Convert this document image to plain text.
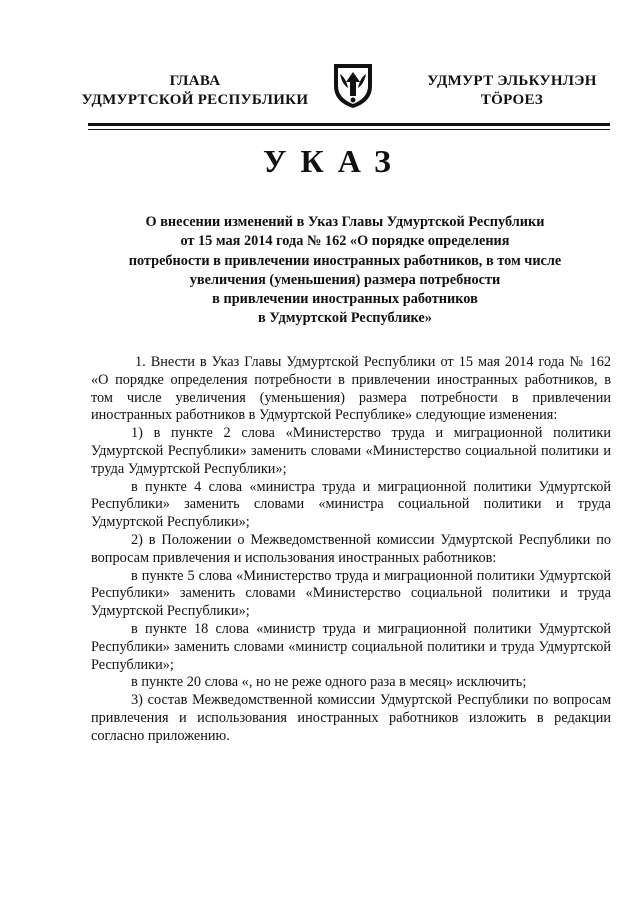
ГЛАВА
УДМУРТСКОЙ РЕСПУБЛИКИ
УДМУРТ ЭЛЬКУНЛЭН
ТӦРОЕЗ
УКАЗ
О внесении изменений в Указ Главы Удмуртской Республики
от 15 мая 2014 года № 162 «О порядке определения
потребности в привлечении иностранных работников, в том числе
увеличения (уменьшения) размера потребности
в привлечении иностранных работников
в Удмуртской Республике»

1. Внести в Указ Главы Удмуртской Республики от 15 мая 2014 года № 162 «О порядке определения потребности в привлечении иностранных работников, в том числе увеличения (уменьшения) размера потребности в привлечении иностранных работников в Удмуртской Республике» следующие изменения:

1) в пункте 2 слова «Министерство труда и миграционной политики Удмуртской Республики» заменить словами «Министерство социальной политики и труда Удмуртской Республики»;

в пункте 4 слова «министра труда и миграционной политики Удмуртской Республики» заменить словами «министра социальной политики и труда Удмуртской Республики»;

2) в Положении о Межведомственной комиссии Удмуртской Республики по вопросам привлечения и использования иностранных работников:

в пункте 5 слова «Министерство труда и миграционной политики Удмуртской Республики» заменить словами «Министерство социальной политики и труда Удмуртской Республики»;

в пункте 18 слова «министр труда и миграционной политики Удмуртской Республики» заменить словами «министр социальной политики и труда Удмуртской Республики»;

в пункте 20 слова «, но не реже одного раза в месяц» исключить;

3) состав Межведомственной комиссии Удмуртской Республики по вопросам привлечения и использования иностранных работников изложить в редакции согласно приложению.
